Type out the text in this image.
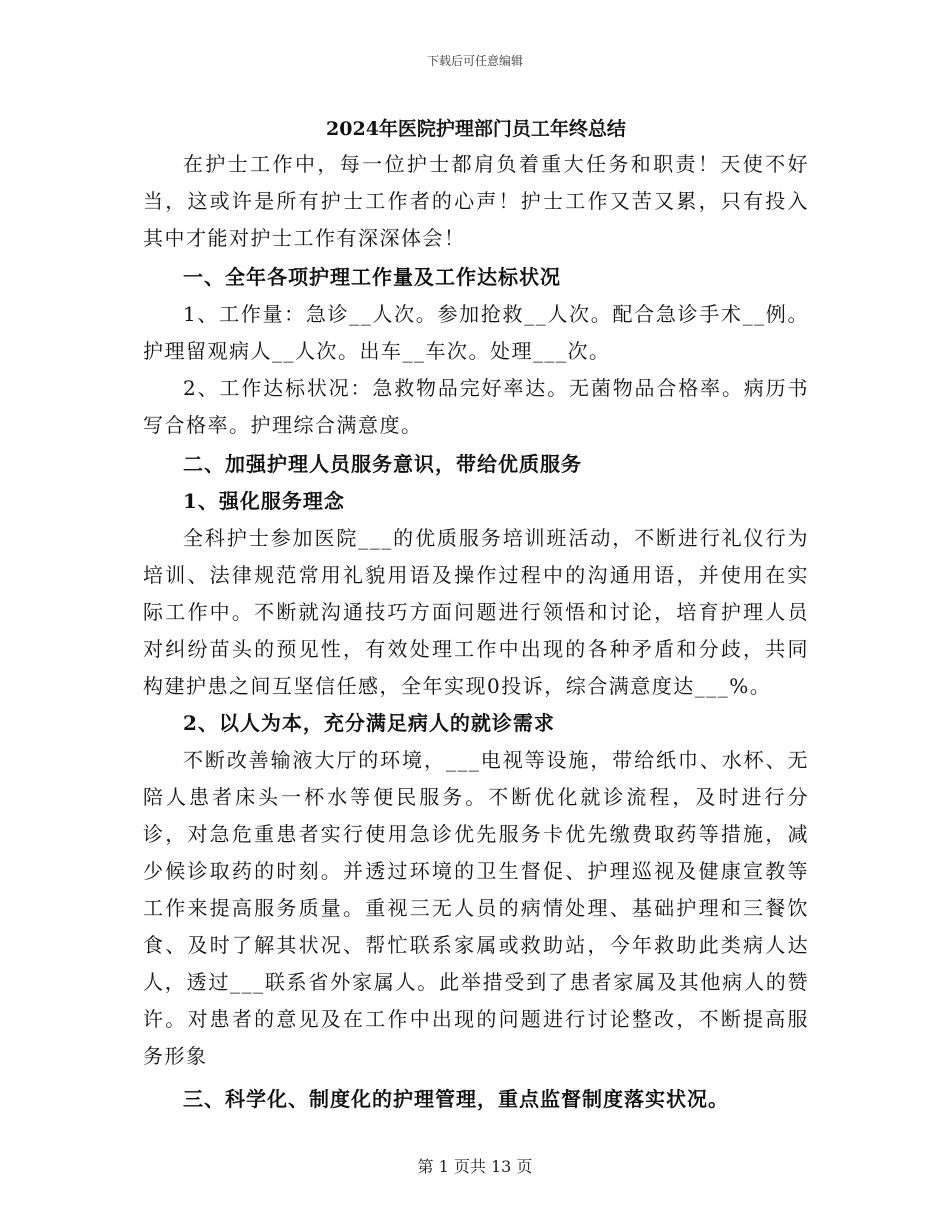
下载后可任意编辑

2024年医院护理部门员工年终总结

在护士工作中，每一位护士都肩负着重大任务和职责！天使不好当，这或许是所有护士工作者的心声！护士工作又苦又累，只有投入其中才能对护士工作有深深体会！

一、全年各项护理工作量及工作达标状况

1、工作量：急诊__人次。参加抢救__人次。配合急诊手术__例。护理留观病人__人次。出车__车次。处理___次。

2、工作达标状况：急救物品完好率达。无菌物品合格率。病历书写合格率。护理综合满意度。

二、加强护理人员服务意识，带给优质服务

1、强化服务理念

全科护士参加医院___的优质服务培训班活动，不断进行礼仪行为培训、法律规范常用礼貌用语及操作过程中的沟通用语，并使用在实际工作中。不断就沟通技巧方面问题进行领悟和讨论，培育护理人员对纠纷苗头的预见性，有效处理工作中出现的各种矛盾和分歧，共同构建护患之间互坚信任感，全年实现0投诉，综合满意度达___%。

2、以人为本，充分满足病人的就诊需求

不断改善输液大厅的环境，___电视等设施，带给纸巾、水杯、无陪人患者床头一杯水等便民服务。不断优化就诊流程，及时进行分诊，对急危重患者实行使用急诊优先服务卡优先缴费取药等措施，减少候诊取药的时刻。并透过环境的卫生督促、护理巡视及健康宣教等工作来提高服务质量。重视三无人员的病情处理、基础护理和三餐饮食、及时了解其状况、帮忙联系家属或救助站，今年救助此类病人达人，透过___联系省外家属人。此举措受到了患者家属及其他病人的赞许。对患者的意见及在工作中出现的问题进行讨论整改，不断提高服务形象

三、科学化、制度化的护理管理，重点监督制度落实状况。

第 1 页共 13 页
